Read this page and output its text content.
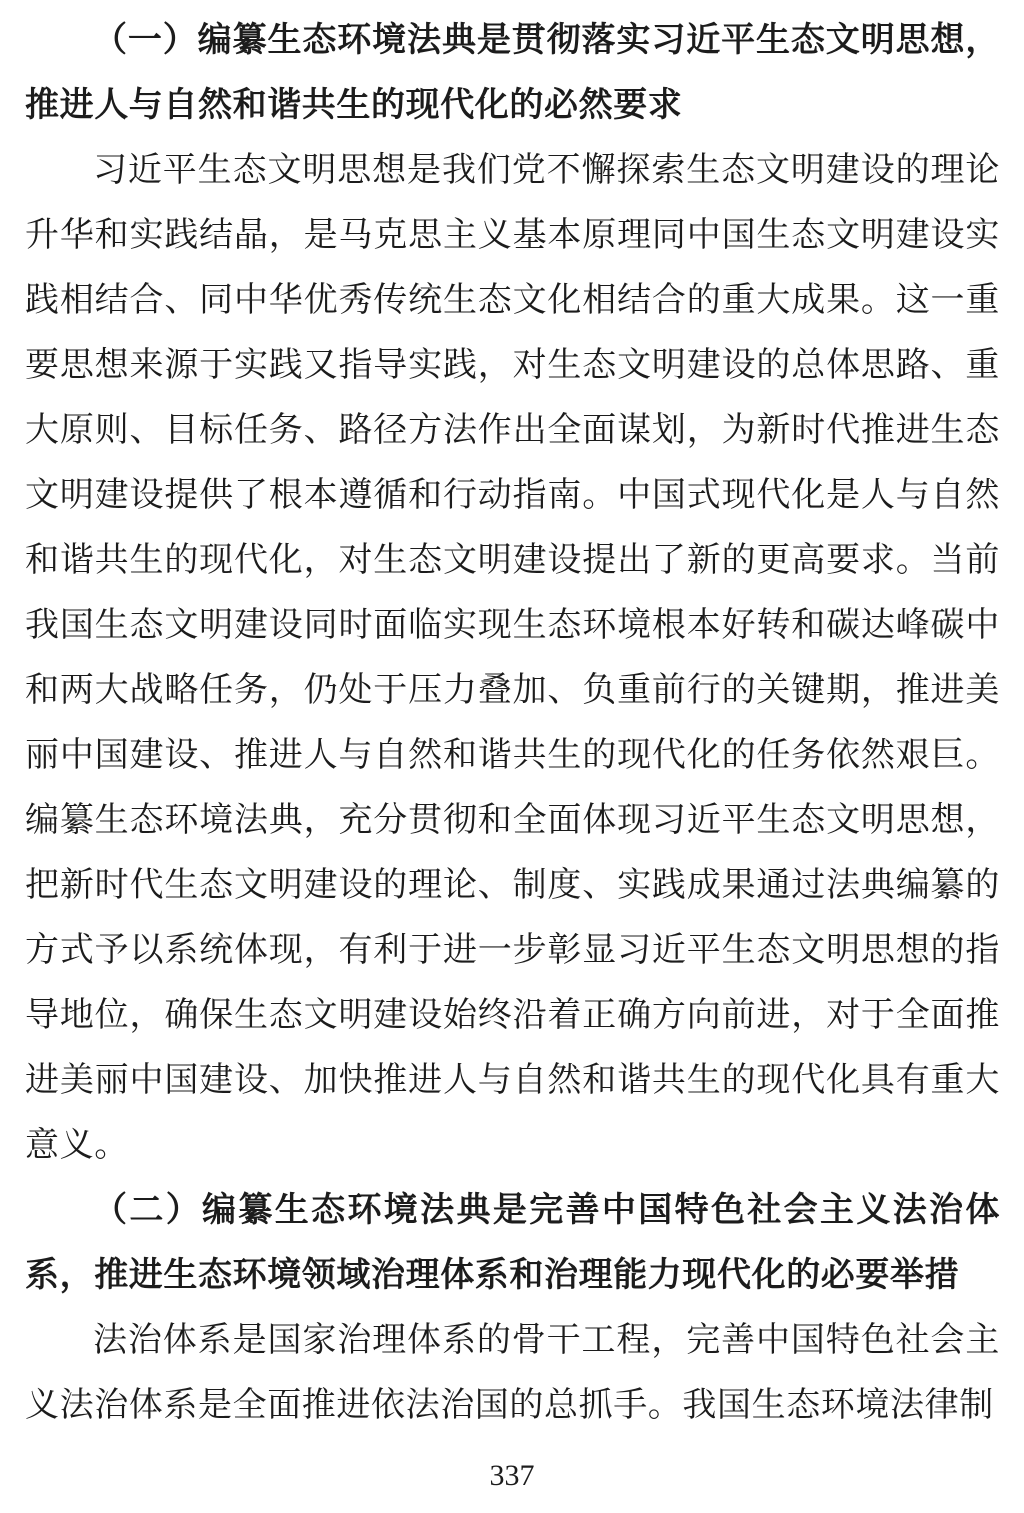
（一）编纂生态环境法典是贯彻落实习近平生态文明思想，推进人与自然和谐共生的现代化的必然要求

习近平生态文明思想是我们党不懈探索生态文明建设的理论升华和实践结晶，是马克思主义基本原理同中国生态文明建设实践相结合、同中华优秀传统生态文化相结合的重大成果。这一重要思想来源于实践又指导实践，对生态文明建设的总体思路、重大原则、目标任务、路径方法作出全面谋划，为新时代推进生态文明建设提供了根本遵循和行动指南。中国式现代化是人与自然和谐共生的现代化，对生态文明建设提出了新的更高要求。当前我国生态文明建设同时面临实现生态环境根本好转和碳达峰碳中和两大战略任务，仍处于压力叠加、负重前行的关键期，推进美丽中国建设、推进人与自然和谐共生的现代化的任务依然艰巨。编纂生态环境法典，充分贯彻和全面体现习近平生态文明思想，把新时代生态文明建设的理论、制度、实践成果通过法典编纂的方式予以系统体现，有利于进一步彰显习近平生态文明思想的指导地位，确保生态文明建设始终沿着正确方向前进，对于全面推进美丽中国建设、加快推进人与自然和谐共生的现代化具有重大意义。

（二）编纂生态环境法典是完善中国特色社会主义法治体系，推进生态环境领域治理体系和治理能力现代化的必要举措

法治体系是国家治理体系的骨干工程，完善中国特色社会主义法治体系是全面推进依法治国的总抓手。我国生态环境法律制

337
